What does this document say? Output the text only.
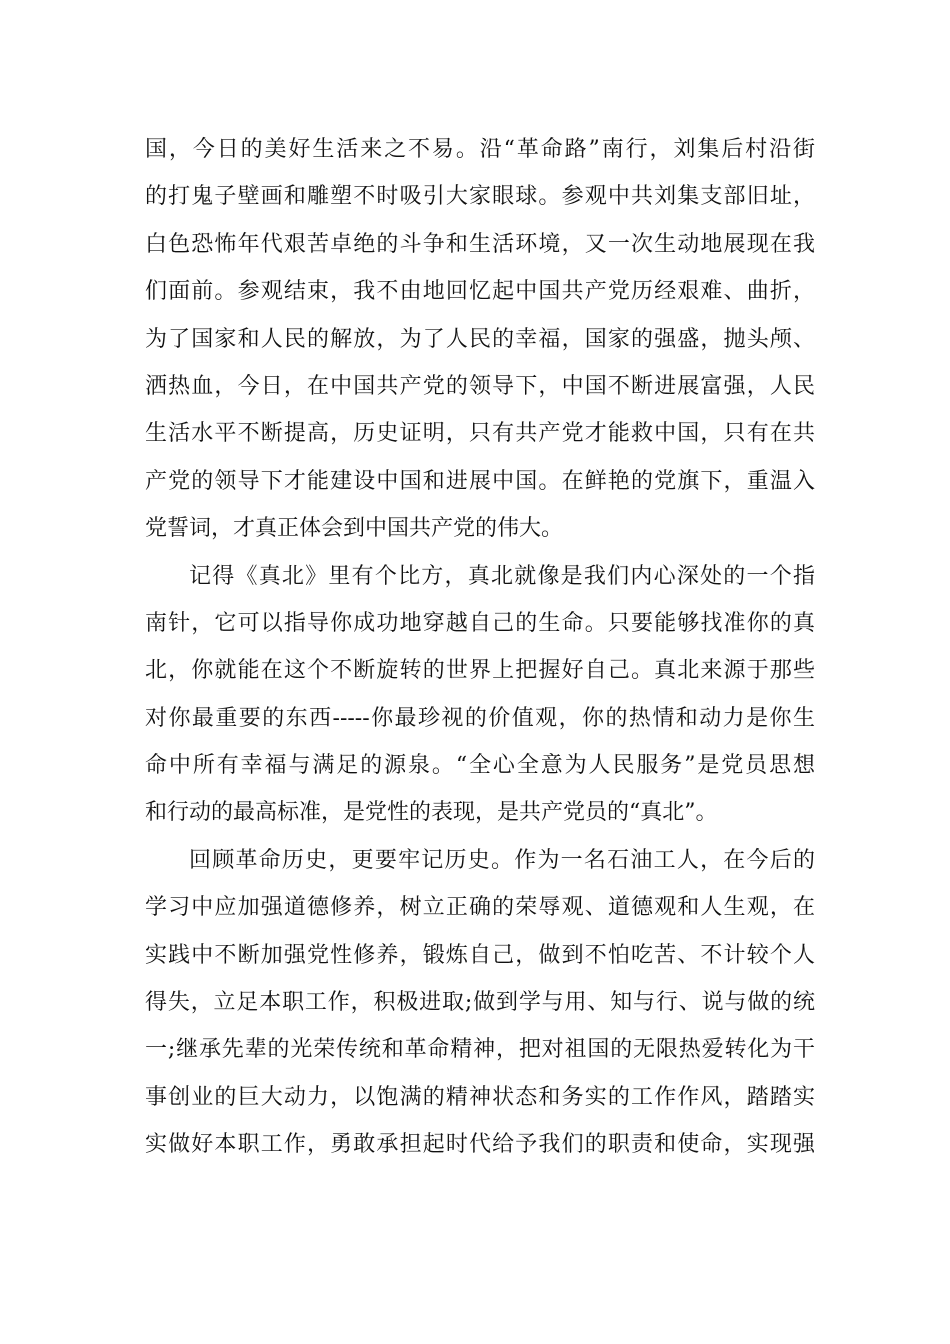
国，今日的美好生活来之不易。沿“革命路”南行，刘集后村沿街
的打鬼子壁画和雕塑不时吸引大家眼球。参观中共刘集支部旧址，
白色恐怖年代艰苦卓绝的斗争和生活环境，又一次生动地展现在我
们面前。参观结束，我不由地回忆起中国共产党历经艰难、曲折，
为了国家和人民的解放，为了人民的幸福，国家的强盛，抛头颅、
洒热血，今日，在中国共产党的领导下，中国不断进展富强，人民
生活水平不断提高，历史证明，只有共产党才能救中国，只有在共
产党的领导下才能建设中国和进展中国。在鲜艳的党旗下，重温入
党誓词，才真正体会到中国共产党的伟大。
记得《真北》里有个比方，真北就像是我们内心深处的一个指
南针，它可以指导你成功地穿越自己的生命。只要能够找准你的真
北，你就能在这个不断旋转的世界上把握好自己。真北来源于那些
对你最重要的东西-----你最珍视的价值观，你的热情和动力是你生
命中所有幸福与满足的源泉。“全心全意为人民服务”是党员思想
和行动的最高标准，是党性的表现，是共产党员的“真北”。
回顾革命历史，更要牢记历史。作为一名石油工人，在今后的
学习中应加强道德修养，树立正确的荣辱观、道德观和人生观，在
实践中不断加强党性修养，锻炼自己，做到不怕吃苦、不计较个人
得失，立足本职工作，积极进取;做到学与用、知与行、说与做的统
一;继承先辈的光荣传统和革命精神，把对祖国的无限热爱转化为干
事创业的巨大动力，以饱满的精神状态和务实的工作作风，踏踏实
实做好本职工作，勇敢承担起时代给予我们的职责和使命，实现强
